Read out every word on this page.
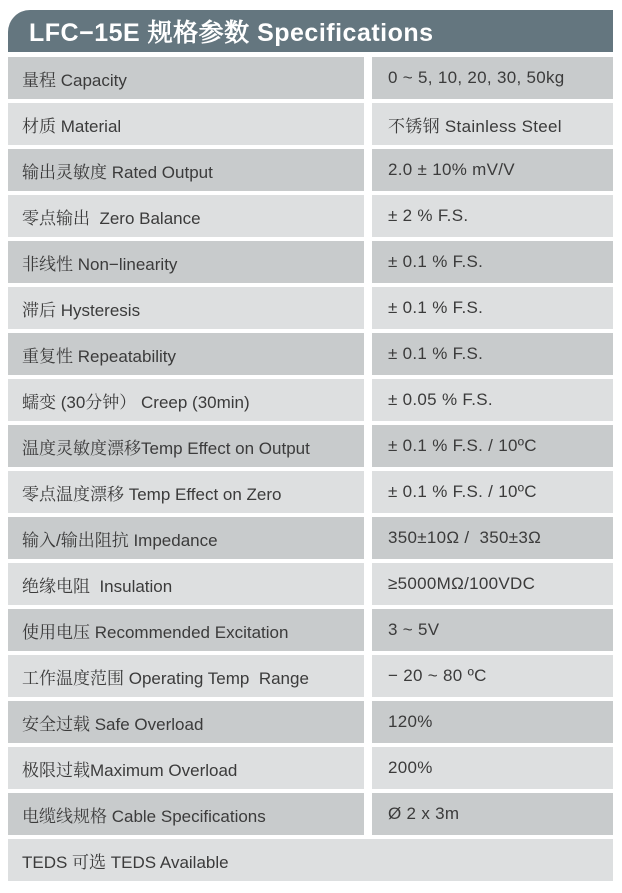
LFC−15E 规格参数 Specifications
量程 Capacity	0 ~ 5, 10, 20, 30, 50kg
材质 Material	不锈钢 Stainless Steel
输出灵敏度 Rated Output	2.0 ± 10% mV/V
零点输出  Zero Balance	± 2 % F.S.
非线性 Non−linearity	± 0.1 % F.S.
滞后 Hysteresis	± 0.1 % F.S.
重复性 Repeatability	± 0.1 % F.S.
蠕变 (30分钟） Creep (30min)	± 0.05 % F.S.
温度灵敏度漂移Temp Effect on Output	± 0.1 % F.S. / 10ºC
零点温度漂移 Temp Effect on Zero	± 0.1 % F.S. / 10ºC
输入/输出阻抗 Impedance	350±10Ω /  350±3Ω
绝缘电阻  Insulation	≥5000MΩ/100VDC
使用电压 Recommended Excitation	3 ~ 5V
工作温度范围 Operating Temp  Range	− 20 ~ 80 ºC
安全过载 Safe Overload	120%
极限过载Maximum Overload	200%
电缆线规格 Cable Specifications	Ø 2 x 3m
TEDS 可选 TEDS Available
